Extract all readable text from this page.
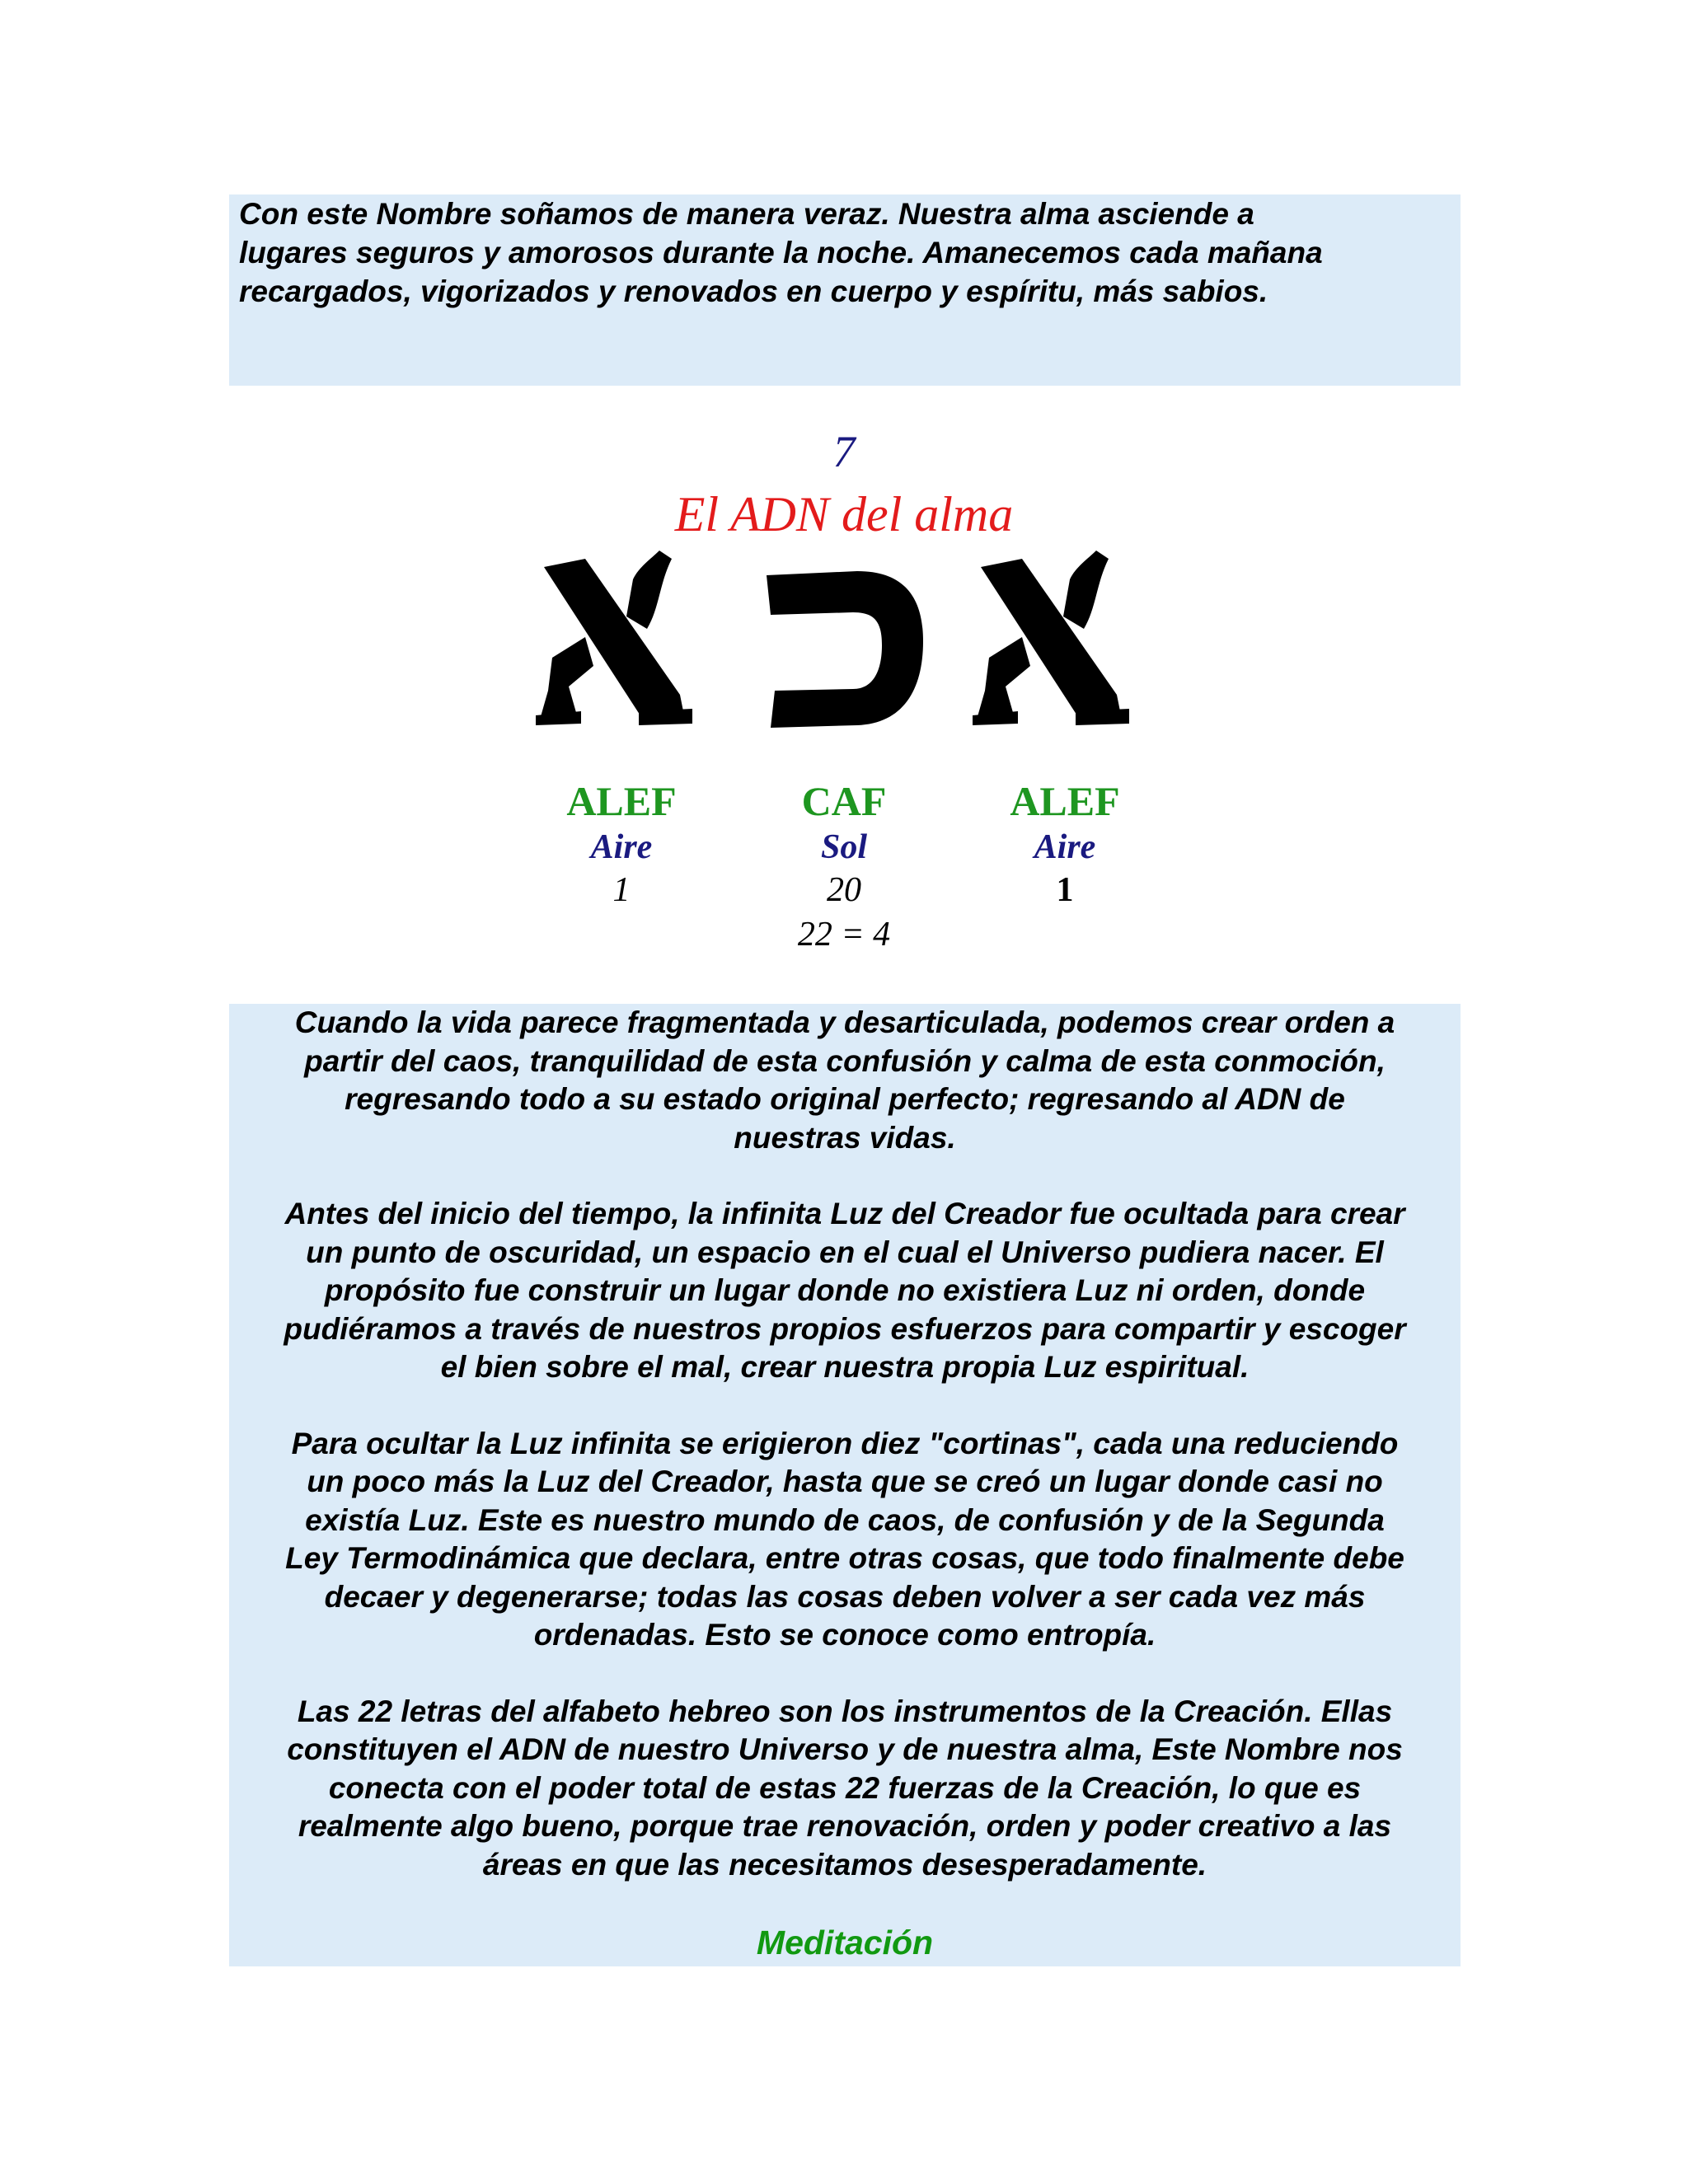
Con este Nombre soñamos de manera veraz. Nuestra alma asciende a

lugares seguros y amorosos durante la noche. Amanecemos cada mañana

recargados, vigorizados y renovados en cuerpo y espíritu, más sabios.

7
El ADN del alma
ALEF
Aire
1
CAF
Sol
20
ALEF
Aire
1
22 = 4

Cuando la vida parece fragmentada y desarticulada, podemos crear orden a
partir del caos, tranquilidad de esta confusión y calma de esta conmoción,
regresando todo a su estado original perfecto; regresando al ADN de
nuestras vidas.

Antes del inicio del tiempo, la infinita Luz del Creador fue ocultada para crear
un punto de oscuridad, un espacio en el cual el Universo pudiera nacer. El
propósito fue construir un lugar donde no existiera Luz ni orden, donde
pudiéramos a través de nuestros propios esfuerzos para compartir y escoger
el bien sobre el mal, crear nuestra propia Luz espiritual.

Para ocultar la Luz infinita se erigieron diez "cortinas", cada una reduciendo
un poco más la Luz del Creador, hasta que se creó un lugar donde casi no
existía Luz. Este es nuestro mundo de caos, de confusión y de la Segunda
Ley Termodinámica que declara, entre otras cosas, que todo finalmente debe
decaer y degenerarse; todas las cosas deben volver a ser cada vez más
ordenadas. Esto se conoce como entropía.

Las 22 letras del alfabeto hebreo son los instrumentos de la Creación. Ellas
constituyen el ADN de nuestro Universo y de nuestra alma, Este Nombre nos
conecta con el poder total de estas 22 fuerzas de la Creación, lo que es
realmente algo bueno, porque trae renovación, orden y poder creativo a las
áreas en que las necesitamos desesperadamente.

Meditación
